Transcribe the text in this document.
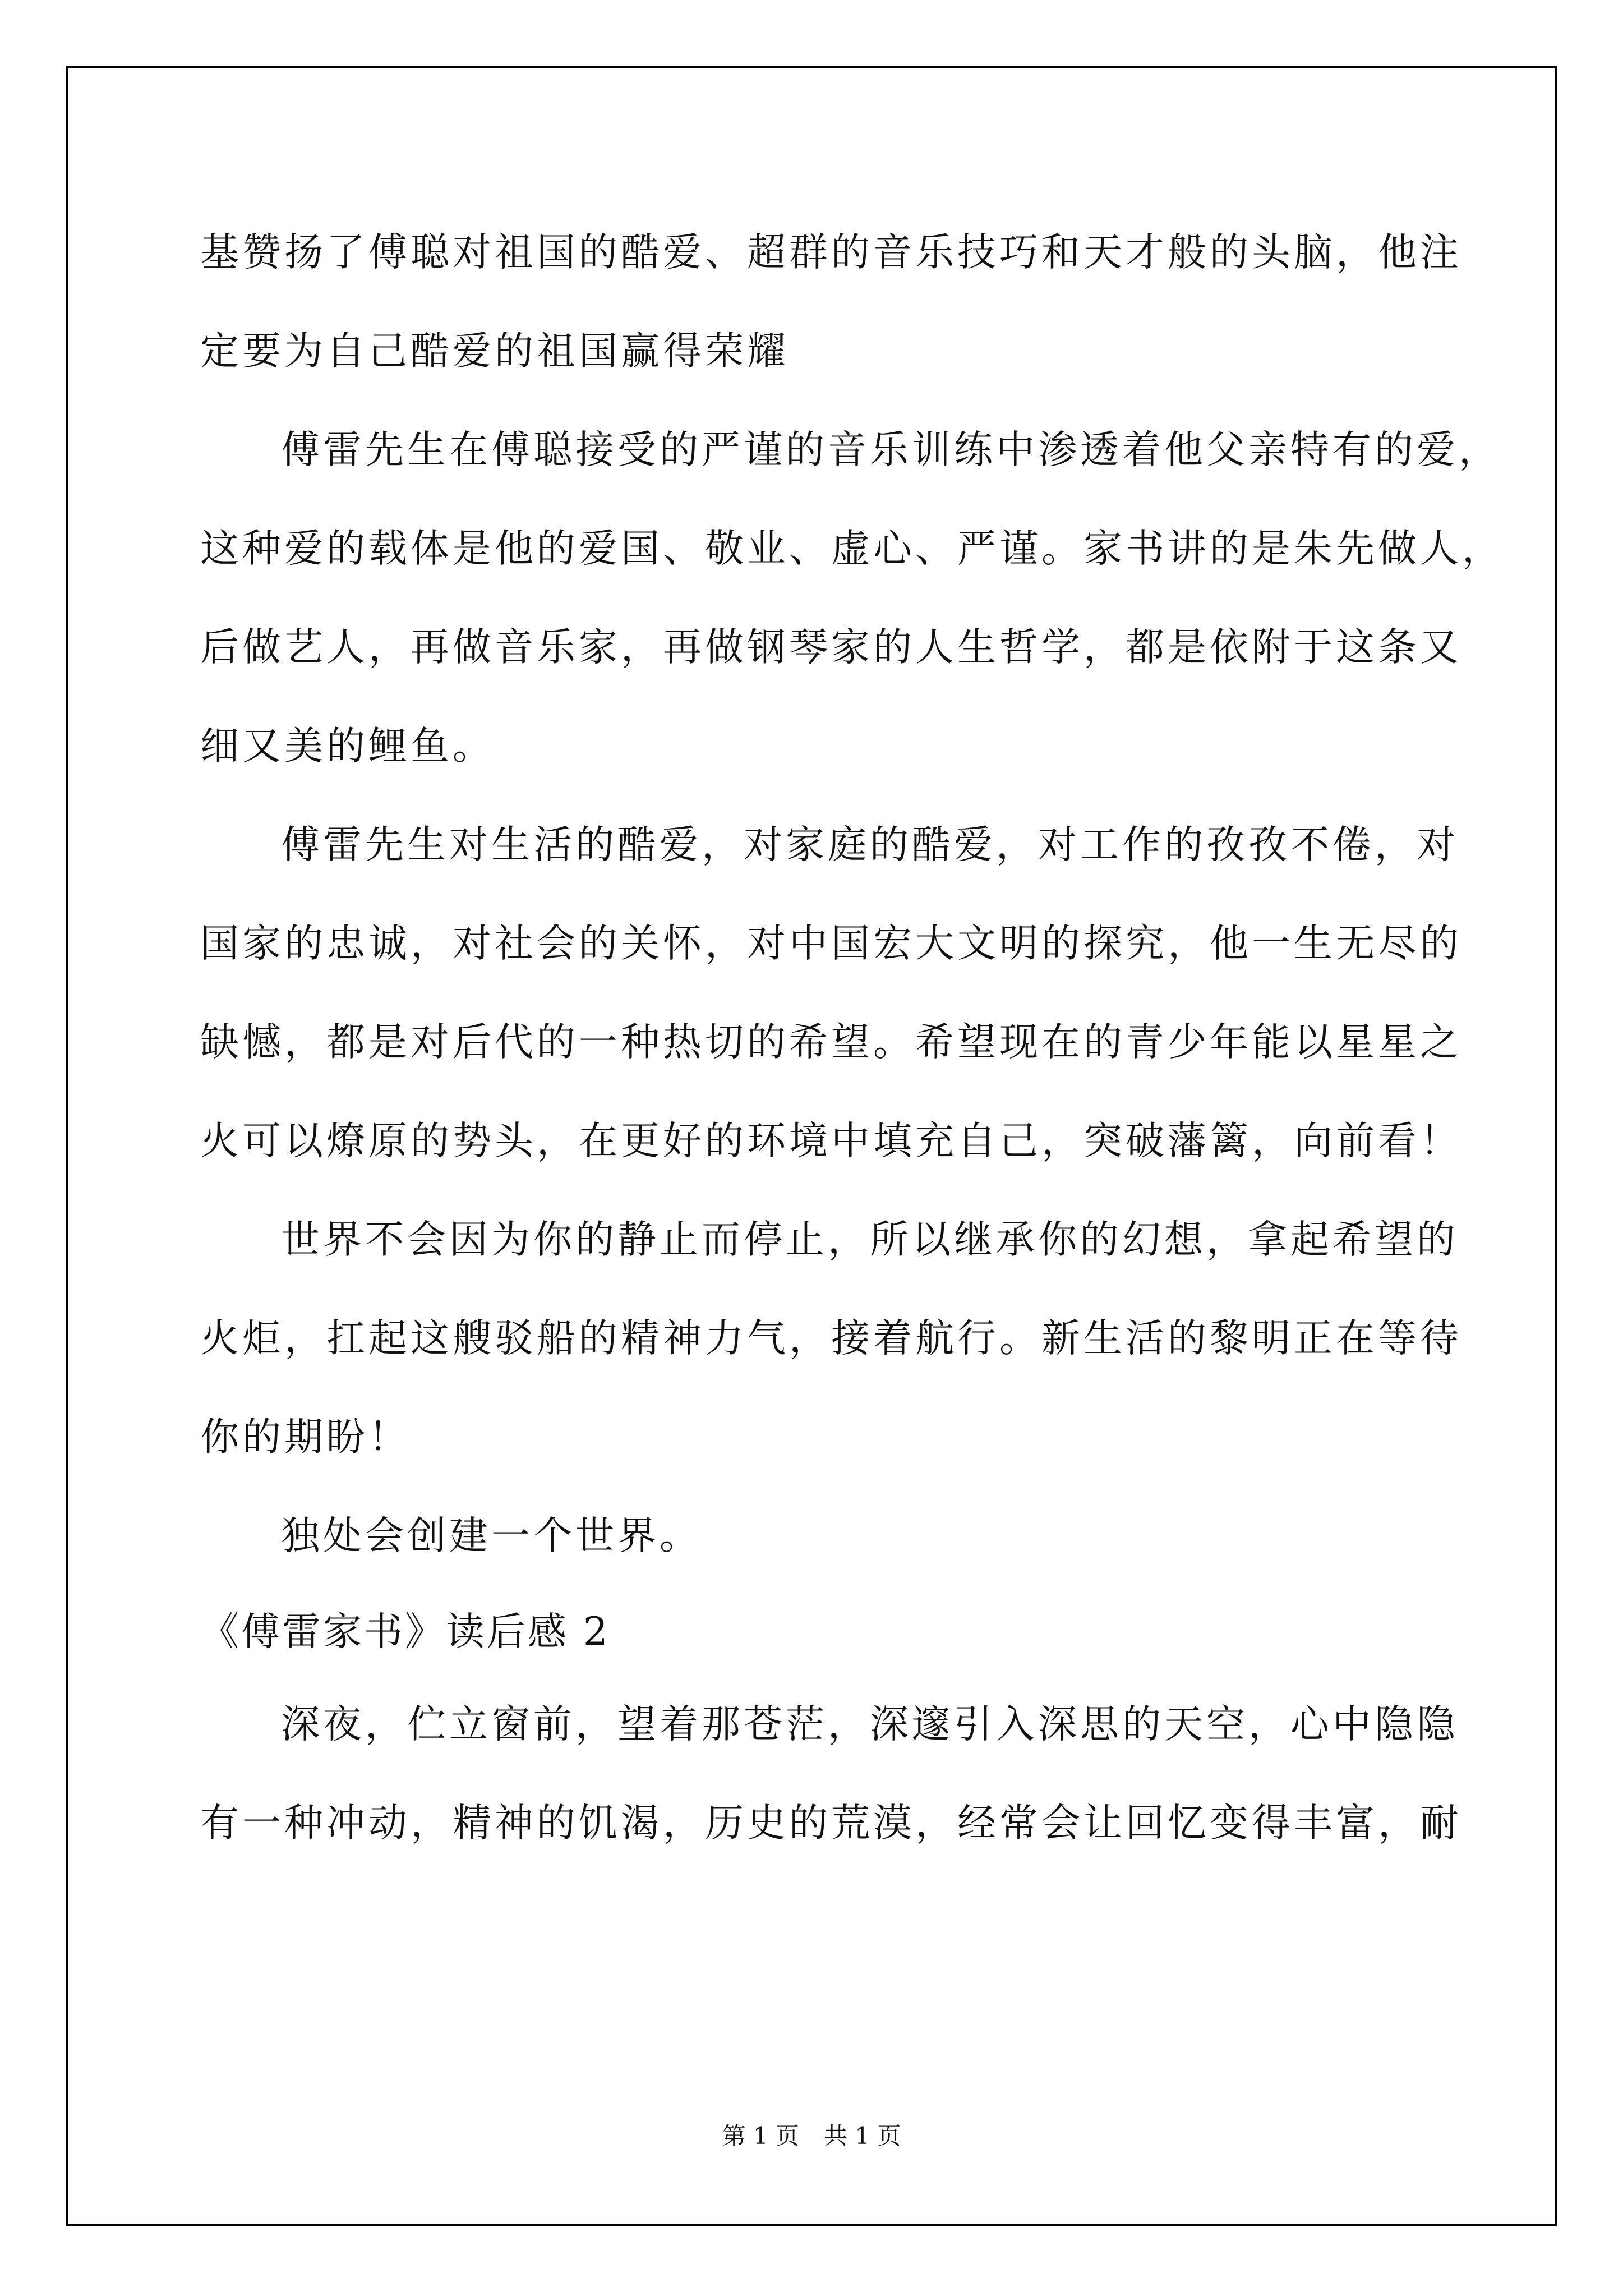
基赞扬了傅聪对祖国的酷爱、超群的音乐技巧和天才般的头脑，他注
定要为自己酷爱的祖国赢得荣耀
傅雷先生在傅聪接受的严谨的音乐训练中渗透着他父亲特有的爱，
这种爱的载体是他的爱国、敬业、虚心、严谨。家书讲的是朱先做人，
后做艺人，再做音乐家，再做钢琴家的人生哲学，都是依附于这条又
细又美的鲤鱼。
傅雷先生对生活的酷爱，对家庭的酷爱，对工作的孜孜不倦，对
国家的忠诚，对社会的关怀，对中国宏大文明的探究，他一生无尽的
缺憾，都是对后代的一种热切的希望。希望现在的青少年能以星星之
火可以燎原的势头，在更好的环境中填充自己，突破藩篱，向前看！
世界不会因为你的静止而停止，所以继承你的幻想，拿起希望的
火炬，扛起这艘驳船的精神力气，接着航行。新生活的黎明正在等待
你的期盼！
独处会创建一个世界。
《傅雷家书》读后感 2
深夜，伫立窗前，望着那苍茫，深邃引入深思的天空，心中隐隐
有一种冲动，精神的饥渴，历史的荒漠，经常会让回忆变得丰富，耐
第 1 页 共 1 页
